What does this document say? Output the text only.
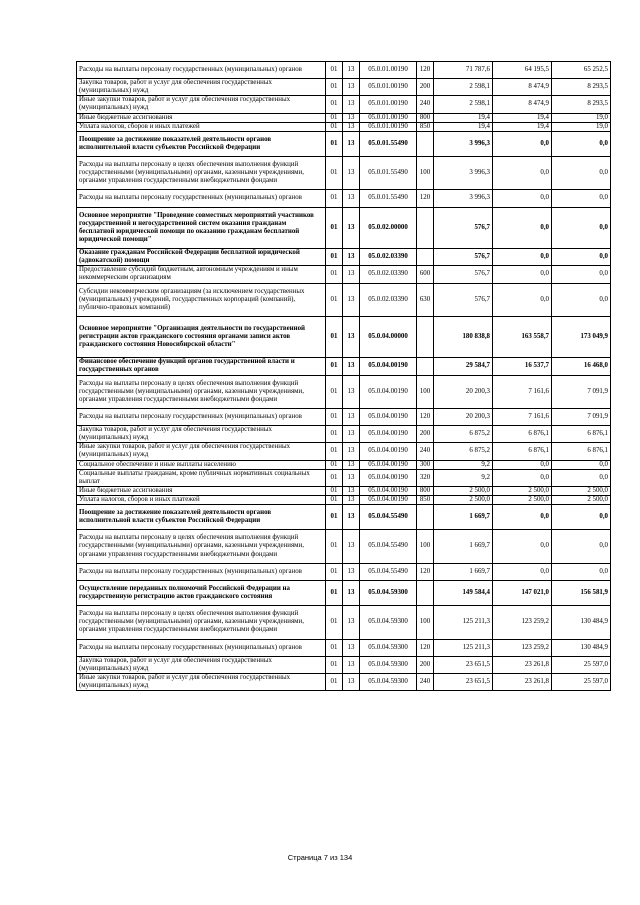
Расходы на выплаты персоналу государственных (муниципальных) органов	01	13	05.0.01.00190	120	71 787,6	64 195,5	65 252,5
Закупка товаров, работ и услуг для обеспечения государственных (муниципальных) нужд	01	13	05.0.01.00190	200	2 598,1	8 474,9	8 293,5
Иные закупки товаров, работ и услуг для обеспечения государственных (муниципальных) нужд	01	13	05.0.01.00190	240	2 598,1	8 474,9	8 293,5
Иные бюджетные ассигнования	01	13	05.0.01.00190	800	19,4	19,4	19,0
Уплата налогов, сборов и иных платежей	01	13	05.0.01.00190	850	19,4	19,4	19,0
Поощрение за достижение показателей деятельности органов исполнительной власти субъектов Российской Федерации	01	13	05.0.01.55490		3 996,3	0,0	0,0
Расходы на выплаты персоналу в целях обеспечения выполнения функций государственными (муниципальными) органами, казенными учреждениями, органами управления государственными внебюджетными фондами	01	13	05.0.01.55490	100	3 996,3	0,0	0,0
Расходы на выплаты персоналу государственных (муниципальных) органов	01	13	05.0.01.55490	120	3 996,3	0,0	0,0
Основное мероприятие "Проведение совместных мероприятий участников государственной и негосударственной систем оказания гражданам бесплатной юридической помощи по оказанию гражданам бесплатной юридической помощи"	01	13	05.0.02.00000		576,7	0,0	0,0
Оказание гражданам Российской Федерации бесплатной юридической (адвокатской) помощи	01	13	05.0.02.03390		576,7	0,0	0,0
Предоставление субсидий бюджетным, автономным учреждениям и иным некоммерческим организациям	01	13	05.0.02.03390	600	576,7	0,0	0,0
Субсидии некоммерческим организациям (за исключением государственных (муниципальных) учреждений, государственных корпораций (компаний), публично-правовых компаний)	01	13	05.0.02.03390	630	576,7	0,0	0,0
Основное мероприятие "Организация деятельности по государственной регистрации актов гражданского состояния органами записи актов гражданского состояния Новосибирской области"	01	13	05.0.04.00000		180 838,8	163 558,7	173 049,9
Финансовое обеспечение функций органов государственной власти и государственных органов	01	13	05.0.04.00190		29 584,7	16 537,7	16 468,0
Расходы на выплаты персоналу в целях обеспечения выполнения функций государственными (муниципальными) органами, казенными учреждениями, органами управления государственными внебюджетными фондами	01	13	05.0.04.00190	100	20 200,3	7 161,6	7 091,9
Расходы на выплаты персоналу государственных (муниципальных) органов	01	13	05.0.04.00190	120	20 200,3	7 161,6	7 091,9
Закупка товаров, работ и услуг для обеспечения государственных (муниципальных) нужд	01	13	05.0.04.00190	200	6 875,2	6 876,1	6 876,1
Иные закупки товаров, работ и услуг для обеспечения государственных (муниципальных) нужд	01	13	05.0.04.00190	240	6 875,2	6 876,1	6 876,1
Социальное обеспечение и иные выплаты населению	01	13	05.0.04.00190	300	9,2	0,0	0,0
Социальные выплаты гражданам, кроме публичных нормативных социальных выплат	01	13	05.0.04.00190	320	9,2	0,0	0,0
Иные бюджетные ассигнования	01	13	05.0.04.00190	800	2 500,0	2 500,0	2 500,0
Уплата налогов, сборов и иных платежей	01	13	05.0.04.00190	850	2 500,0	2 500,0	2 500,0
Поощрение за достижение показателей деятельности органов исполнительной власти субъектов Российской Федерации	01	13	05.0.04.55490		1 669,7	0,0	0,0
Расходы на выплаты персоналу в целях обеспечения выполнения функций государственными (муниципальными) органами, казенными учреждениями, органами управления государственными внебюджетными фондами	01	13	05.0.04.55490	100	1 669,7	0,0	0,0
Расходы на выплаты персоналу государственных (муниципальных) органов	01	13	05.0.04.55490	120	1 669,7	0,0	0,0
Осуществление переданных полномочий Российской Федерации на государственную регистрацию актов гражданского состояния	01	13	05.0.04.59300		149 584,4	147 021,0	156 581,9
Расходы на выплаты персоналу в целях обеспечения выполнения функций государственными (муниципальными) органами, казенными учреждениями, органами управления государственными внебюджетными фондами	01	13	05.0.04.59300	100	125 211,3	123 259,2	130 484,9
Расходы на выплаты персоналу государственных (муниципальных) органов	01	13	05.0.04.59300	120	125 211,3	123 259,2	130 484,9
Закупка товаров, работ и услуг для обеспечения государственных (муниципальных) нужд	01	13	05.0.04.59300	200	23 651,5	23 261,8	25 597,0
Иные закупки товаров, работ и услуг для обеспечения государственных (муниципальных) нужд	01	13	05.0.04.59300	240	23 651,5	23 261,8	25 597,0
Страница 7 из 134
